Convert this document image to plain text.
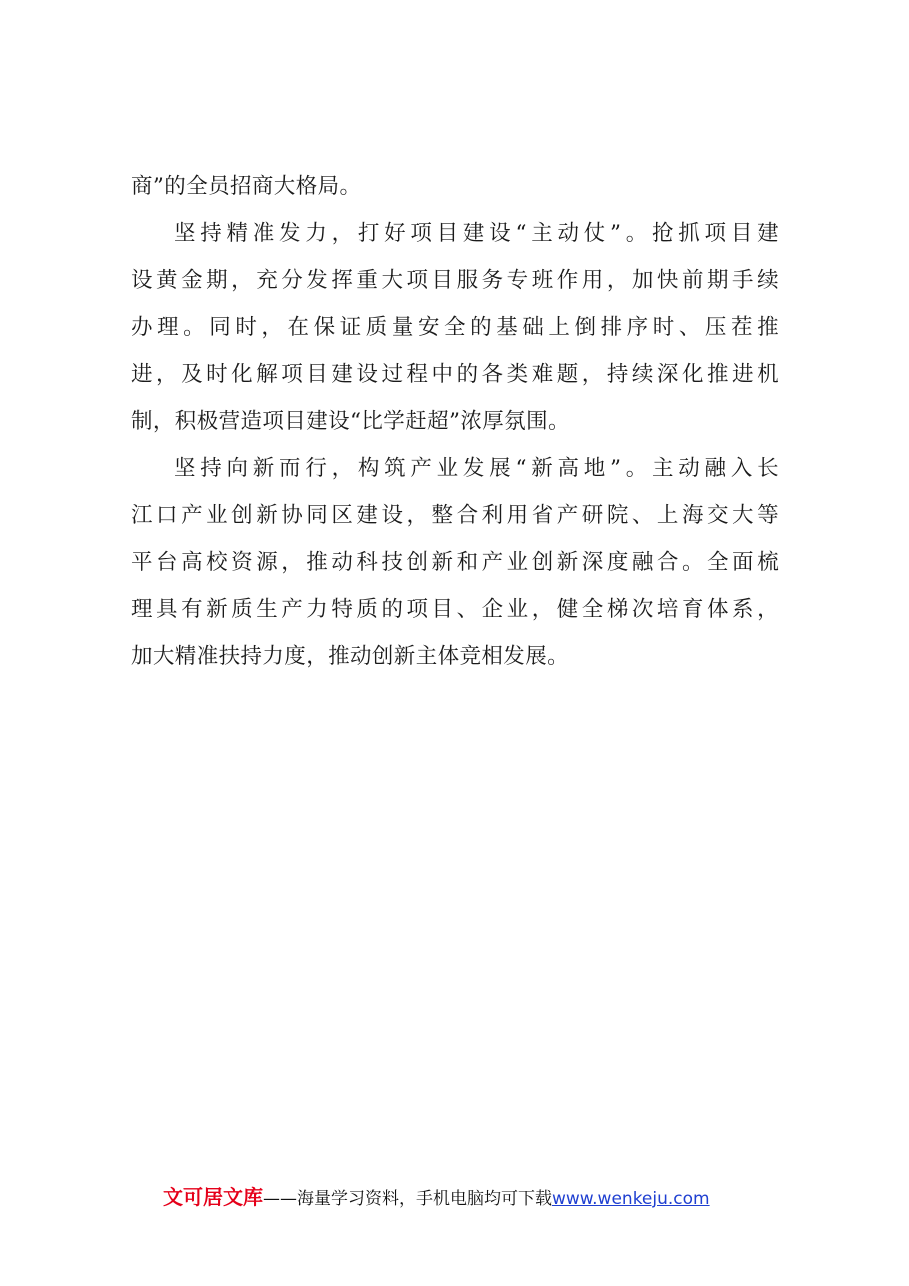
商”的全员招商大格局。
坚持精准发力，打好项目建设“主动仗”。抢抓项目建
设黄金期，充分发挥重大项目服务专班作用，加快前期手续
办理。同时，在保证质量安全的基础上倒排序时、压茬推
进，及时化解项目建设过程中的各类难题，持续深化推进机
制，积极营造项目建设“比学赶超”浓厚氛围。
坚持向新而行，构筑产业发展“新高地”。主动融入长
江口产业创新协同区建设，整合利用省产研院、上海交大等
平台高校资源，推动科技创新和产业创新深度融合。全面梳
理具有新质生产力特质的项目、企业，健全梯次培育体系，
加大精准扶持力度，推动创新主体竞相发展。
文可居文库——海量学习资料，手机电脑均可下载www.wenkeju.com
